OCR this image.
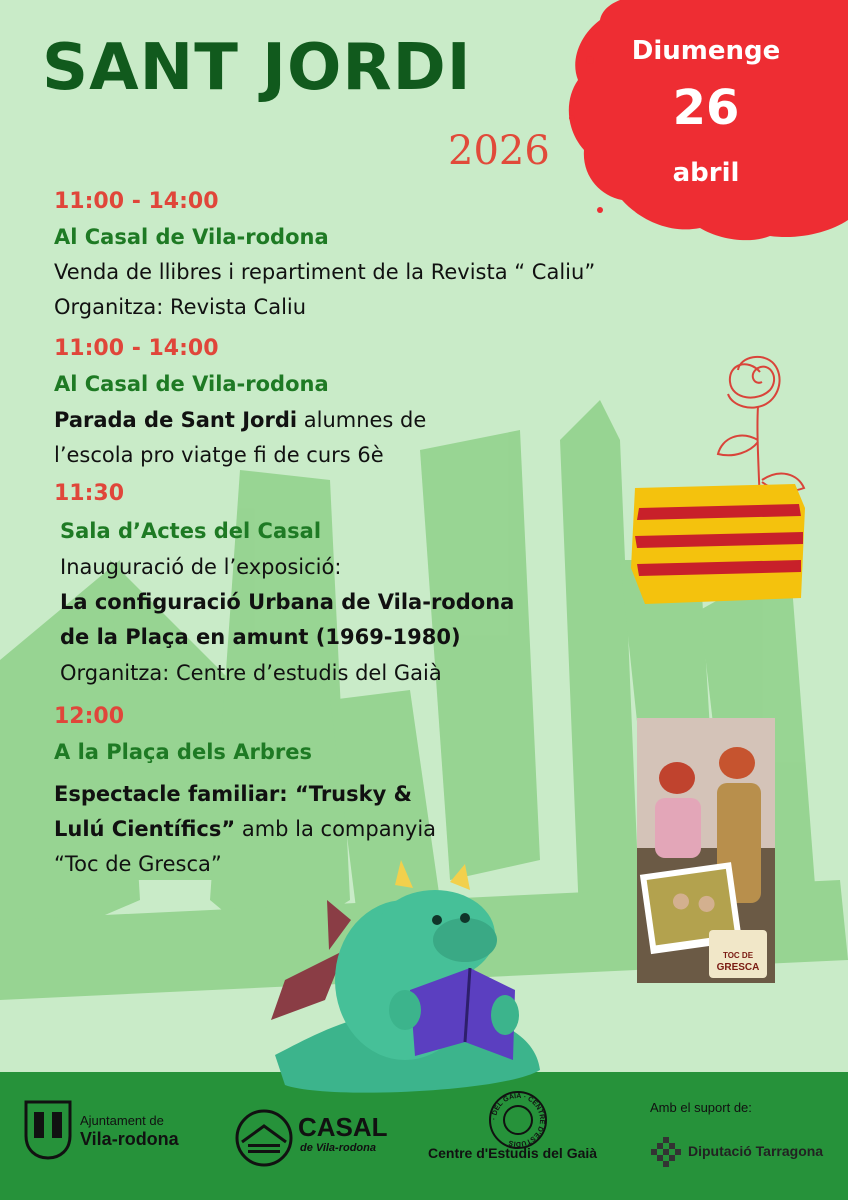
SANT JORDI
2026
Diumenge
26
abril
11:00 - 14:00
Al Casal de Vila-rodona
Venda de llibres i repartiment de la Revista “ Caliu”
Organitza: Revista Caliu
11:00 - 14:00
Al Casal de Vila-rodona
Parada de Sant Jordi alumnes de
l’escola pro viatge fi de curs 6è
11:30
Sala d’Actes del Casal
Inauguració de l’exposició:
La configuració Urbana de Vila-rodona
de la Plaça en amunt (1969-1980)
Organitza: Centre d’estudis del Gaià
12:00
A la Plaça dels Arbres
Espectacle familiar: “Trusky &
Lulú Científics” amb la companyia
“Toc de Gresca”
TOC DE
GRESCA
Ajuntament de
Vila-rodona	CASAL
de Vila-rodona
· DEL GAIÀ · CENTRE D'ESTUDIS
Centre d'Estudis del Gaià
Amb el suport de:
Diputació Tarragona
